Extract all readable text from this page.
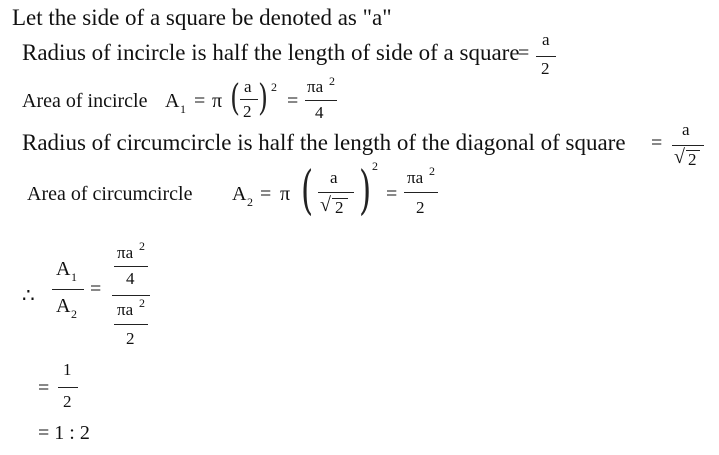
Let the side of a square be denoted as "a"
Radius of incircle is half the length of side of a square
=
a
2
Area of incircle A 1 = π ( a
2 ) 2
=
πa 2
4
Radius of circumcircle is half the length of the diagonal of square =
a
√ 2
Area of circumcircle A 2 = π ( a
√ 2 ) 2
=
πa 2
2
∴
A 1
A 2
=
πa 2
4
πa 2
2
=
1
2
= 1 : 2
